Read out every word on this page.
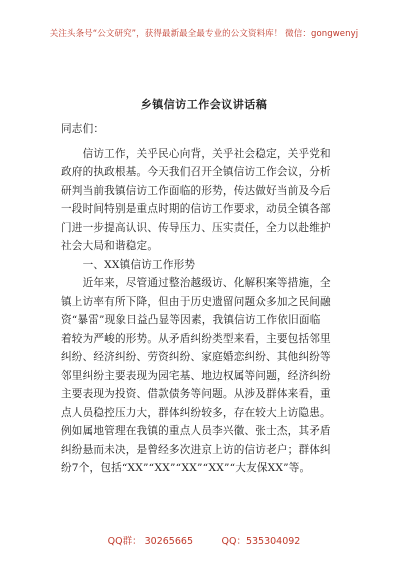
关注头条号“公文研究”，获得最新最全最专业的公文资料库！ 微信：gongwenyj
乡镇信访工作会议讲话稿
同志们：
　　信访工作，关乎民心向背，关乎社会稳定，关乎党和
政府的执政根基。今天我们召开全镇信访工作会议，分析
研判当前我镇信访工作面临的形势，传达做好当前及今后
一段时间特别是重点时期的信访工作要求，动员全镇各部
门进一步提高认识、传导压力、压实责任，全力以赴维护
社会大局和谐稳定。
　　一、XX镇信访工作形势
　　近年来，尽管通过整治越级访、化解积案等措施，全
镇上访率有所下降，但由于历史遗留问题众多加之民间融
资“暴雷”现象日益凸显等因素，我镇信访工作依旧面临
着较为严峻的形势。从矛盾纠纷类型来看，主要包括邻里
纠纷、经济纠纷、劳资纠纷、家庭婚恋纠纷、其他纠纷等
邻里纠纷主要表现为园宅基、地边权属等问题，经济纠纷
主要表现为投资、借款债务等问题。从涉及群体来看，重
点人员稳控压力大，群体纠纷较多，存在较大上访隐患。
例如属地管理在我镇的重点人员李兴徽、张士杰，其矛盾
纠纷悬而未决，是曾经多次进京上访的信访老户；群体纠
纷7个，包括“XX”“XX”“XX”“XX”“大友保XX”等。
QQ群： 30265665　　　QQ：535304092
